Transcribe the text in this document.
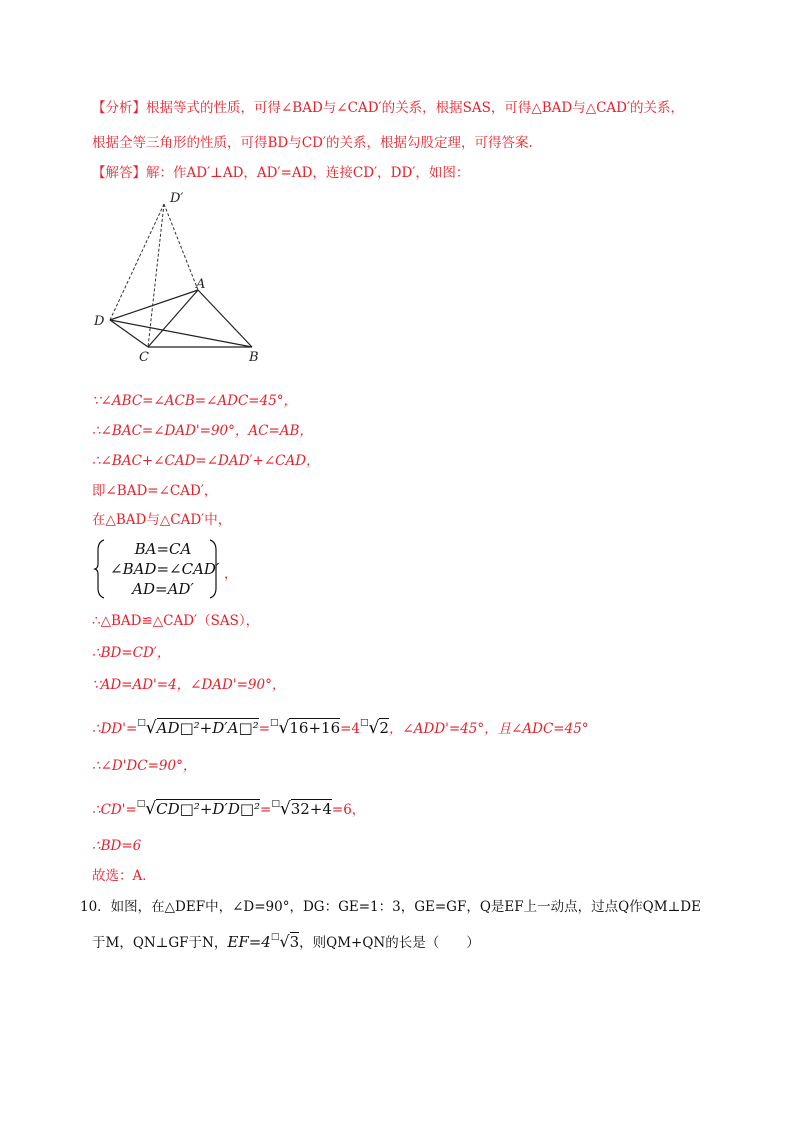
【分析】根据等式的性质，可得∠BAD与∠CAD′的关系，根据SAS，可得△BAD与△CAD′的关系，
根据全等三角形的性质，可得BD与CD′的关系，根据勾股定理，可得答案.
【解答】解：作AD′⊥AD，AD′=AD，连接CD′，DD′，如图：
D′
A
D
C	B
∵∠ABC=∠ACB=∠ADC=45°，
∴∠BAC=∠DAD'=90°，AC=AB，
∴∠BAC+∠CAD=∠DAD′+∠CAD，
即∠BAD=∠CAD′，
在△BAD与△CAD′中，
BA=CA
∠BAD=∠CAD′
AD=AD′
，
∴△BAD≌△CAD′（SAS），
∴BD=CD′，
∵AD=AD'=4，∠DAD'=90°，
∴DD'=□√AD□²+D′A□²=□√16+16=4□√2，∠ADD'=45°，且∠ADC=45°
∴∠D'DC=90°，
∴CD'=□√CD□²+D′D□²=□√32+4=6，
∴BD=6
故选：A．
10．如图，在△DEF中，∠D=90°，DG：GE=1：3，GE=GF，Q是EF上一动点，过点Q作QM⊥DE
于M，QN⊥GF于N，EF=4□√3，则QM+QN的长是（　　）
